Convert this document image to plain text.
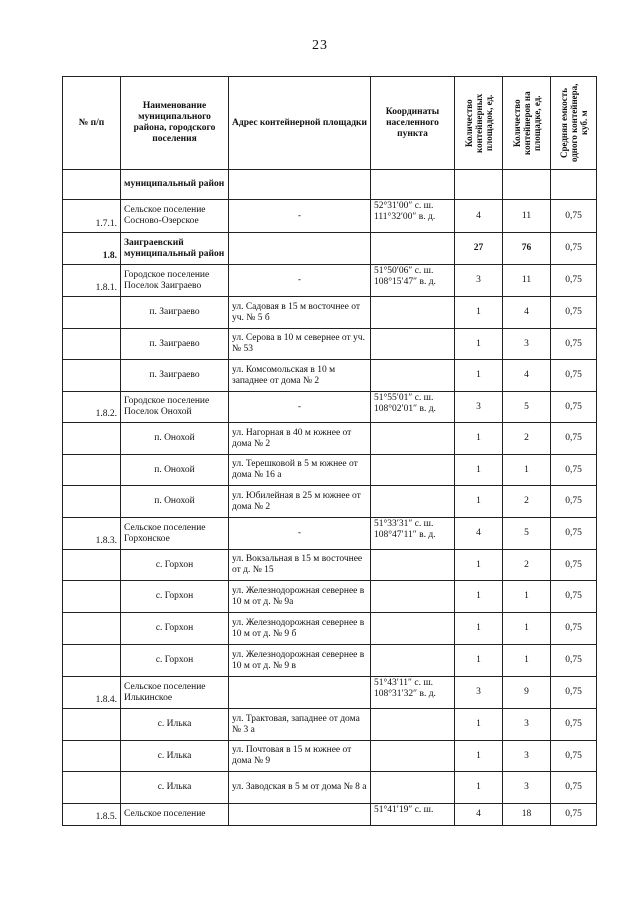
23
№ п/п	Наименование муниципального района, городского поселения	Адрес контейнерной площадки	Координаты населенного пункта	Количество контейнерных площадок, ед.	Количество контейнеров на площадке, ед.	Средняя емкость одного контейнера, куб. м

	муниципальный район					
1.7.1.	Сельское поселение Сосново-Озерское	-	52°31′00″ с. ш. 111°32′00″ в. д.	4	11	0,75
1.8.	Заиграевский муниципальный район			27	76	0,75
1.8.1.	Городское поселение Поселок Заиграево	-	51°50′06″ с. ш. 108°15′47″ в. д.	3	11	0,75
	п. Заиграево	ул. Садовая в 15 м восточнее от уч. № 5 б		1	4	0,75
	п. Заиграево	ул. Серова в 10 м севернее от уч. № 53		1	3	0,75
	п. Заиграево	ул. Комсомольская в 10 м западнее от дома № 2		1	4	0,75
1.8.2.	Городское поселение Поселок Онохой	-	51°55′01″ с. ш. 108°02′01″ в. д.	3	5	0,75
	п. Онохой	ул. Нагорная в 40 м южнее от дома № 2		1	2	0,75
	п. Онохой	ул. Терешковой в 5 м южнее от дома № 16 а		1	1	0,75
	п. Онохой	ул. Юбилейная в 25 м южнее от дома № 2		1	2	0,75
1.8.3.	Сельское поселение Горхонское	-	51°33′31″ с. ш. 108°47′11″ в. д.	4	5	0,75
	с. Горхон	ул. Вокзальная в 15 м восточнее от д. № 15		1	2	0,75
	с. Горхон	ул. Железнодорожная севернее в 10 м от д. № 9а		1	1	0,75
	с. Горхон	ул. Железнодорожная севернее в 10 м от д. № 9 б		1	1	0,75
	с. Горхон	ул. Железнодорожная севернее в 10 м от д. № 9 в		1	1	0,75
1.8.4.	Сельское поселение Илькинское		51°43′11″ с. ш. 108°31′32″ в. д.	3	9	0,75
	с. Илька	ул. Трактовая, западнее от дома № 3 а		1	3	0,75
	с. Илька	ул. Почтовая в 15 м южнее от дома № 9		1	3	0,75
	с. Илька	ул. Заводская в 5 м от дома № 8 а		1	3	0,75
1.8.5.	Сельское поселение		51°41′19″ с. ш.	4	18	0,75
